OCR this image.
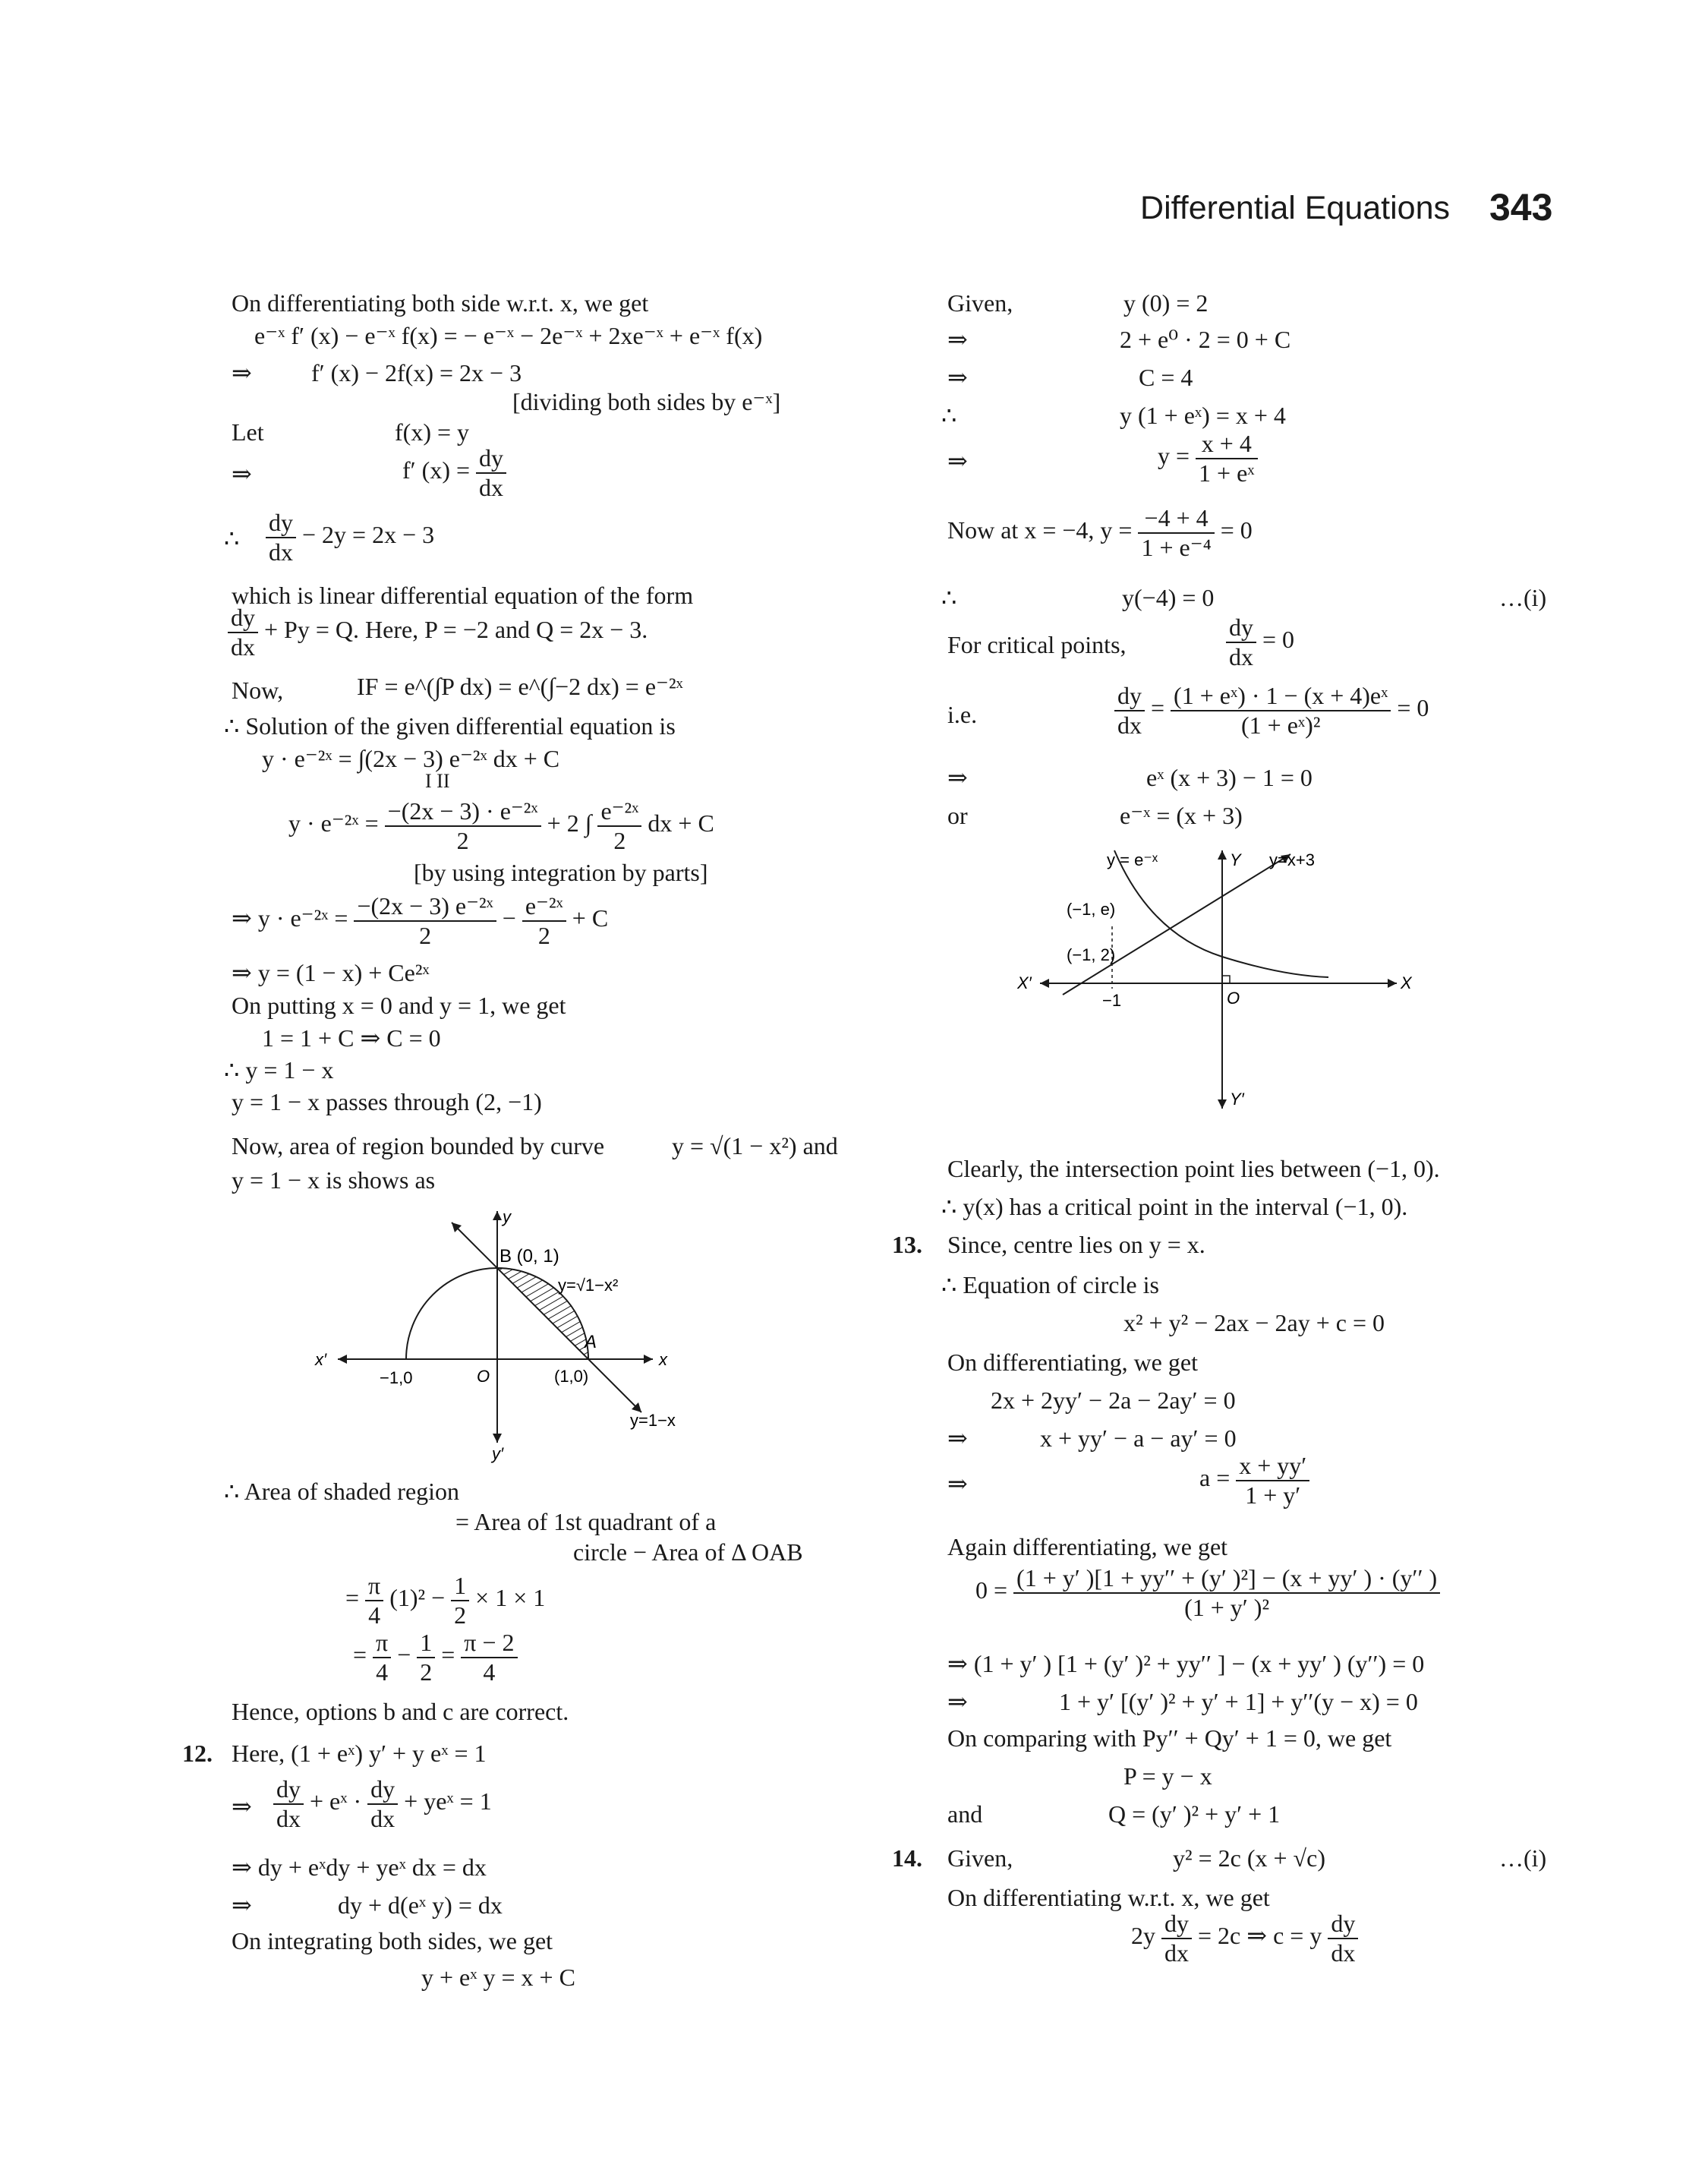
Differential Equations 343
On differentiating both side w.r.t. x, we get
e⁻ˣ f′ (x) − e⁻ˣ f(x) = − e⁻ˣ − 2e⁻ˣ + 2xe⁻ˣ + e⁻ˣ f(x)
⇒ f′ (x) − 2f(x) = 2x − 3
[dividing both sides by e⁻ˣ]
Let	f(x) = y
⇒	f′ $(x) = \frac{dy}{dx}$
∴ $\frac{dy}{dx} - 2y = 2x - 3$
which is linear differential equation of the form
$\frac{dy}{dx} + Py = Q$. Here, P = −2 and Q = 2x − 3.
Now,	IF = e^(∫P dx) = e^(∫−2 dx) = e⁻²ˣ
∴ Solution of the given differential equation is
y · e⁻²ˣ = ∫(2x − 3) e⁻²ˣ dx + C
I II
y · e⁻²ˣ = $\frac{\text{−(2x − 3) · e⁻²ˣ}}{2} + 2$ ∫ $\frac{\text{e⁻²ˣ}}{2}$ dx + C
[by using integration by parts]
⇒ y · e⁻²ˣ = $\frac{\text{−(2x − 3) e⁻²ˣ}}{2} - \frac{\text{e⁻²ˣ}}{2} + C$
⇒ y = (1 − x) + Ce²ˣ
On putting x = 0 and y = 1, we get
1 = 1 + C ⇒ C = 0
∴ y = 1 − x
y = 1 − x passes through (2, −1)
Now, area of region bounded by curve	y = √(1 − x²) and
y = 1 − x is shows as
y
B (0, 1)
y=√1−x²
A
x′	x
−1,0	O	(1,0)
y=1−x
y′
∴ Area of shaded region
= Area of 1st quadrant of a
circle − Area of Δ OAB
= $\frac{\pi}{4} (1)^2 - \frac{1}{2} \times 1 \times 1$
= $\frac{\pi}{4} - \frac{1}{2} = \frac{\pi - 2}{4}$
Hence, options b and c are correct.
12. Here, (1 + eˣ) y′ + y eˣ = 1
⇒ $\frac{dy}{dx}$ + eˣ · $\frac{dy}{dx}$ + yeˣ = 1
⇒ dy + eˣdy + yeˣ dx = dx
⇒	dy + d(eˣ y) = dx
On integrating both sides, we get
y + eˣ y = x + C
Given,	y (0) = 2
⇒	2 + e⁰ · 2 = 0 + C
⇒	C = 4
∴	y (1 + eˣ) = x + 4
⇒	$y = \frac{x + 4}{\text{1 + eˣ}}$
Now at x = −4, $y = \frac{-4 + 4}{\text{1 + e⁻⁴}} = 0$
∴	y(−4) = 0	…(i)
For critical points,	$\frac{dy}{dx} = 0$
i.e.	$\frac{dy}{dx} = \frac{\text{(1 + eˣ) · 1 − (x + 4)eˣ}}{\text{(1 + eˣ)²}} = 0$
⇒	eˣ (x + 3) − 1 = 0
or	e⁻ˣ = (x + 3)
y = e⁻ˣ	Y y=x+3
(−1, e)
(−1, 2)
X′	X
−1	O
Y′
Clearly, the intersection point lies between (−1, 0).
∴ y(x) has a critical point in the interval (−1, 0).
13. Since, centre lies on y = x.
∴ Equation of circle is
x² + y² − 2ax − 2ay + c = 0
On differentiating, we get
2x + 2yy′ − 2a − 2ay′ = 0
⇒	x + yy′ − a − ay′ = 0
⇒	$a = \frac{x + yy'}{1 + y'}$
Again differentiating, we get
$0 = \frac{\text{(1 + y′ )[1 + yy′′ + (y′ )²] − (x + yy′ ) · (y′′ )}}{\text{(1 + y′ )²}}$
⇒ (1 + y′ ) [1 + (y′ )² + yy′′ ] − (x + yy′ ) (y′′) = 0
⇒	1 + y′ [(y′ )² + y′ + 1] + y′′(y − x) = 0
On comparing with Py′′ + Qy′ + 1 = 0, we get
P = y − x
and	Q = (y′ )² + y′ + 1
14. Given,	y² = 2c (x + √c)	…(i)
On differentiating w.r.t. x, we get
$2y \frac{dy}{dx} = 2c$ ⇒ c = y $\frac{dy}{dx}$
